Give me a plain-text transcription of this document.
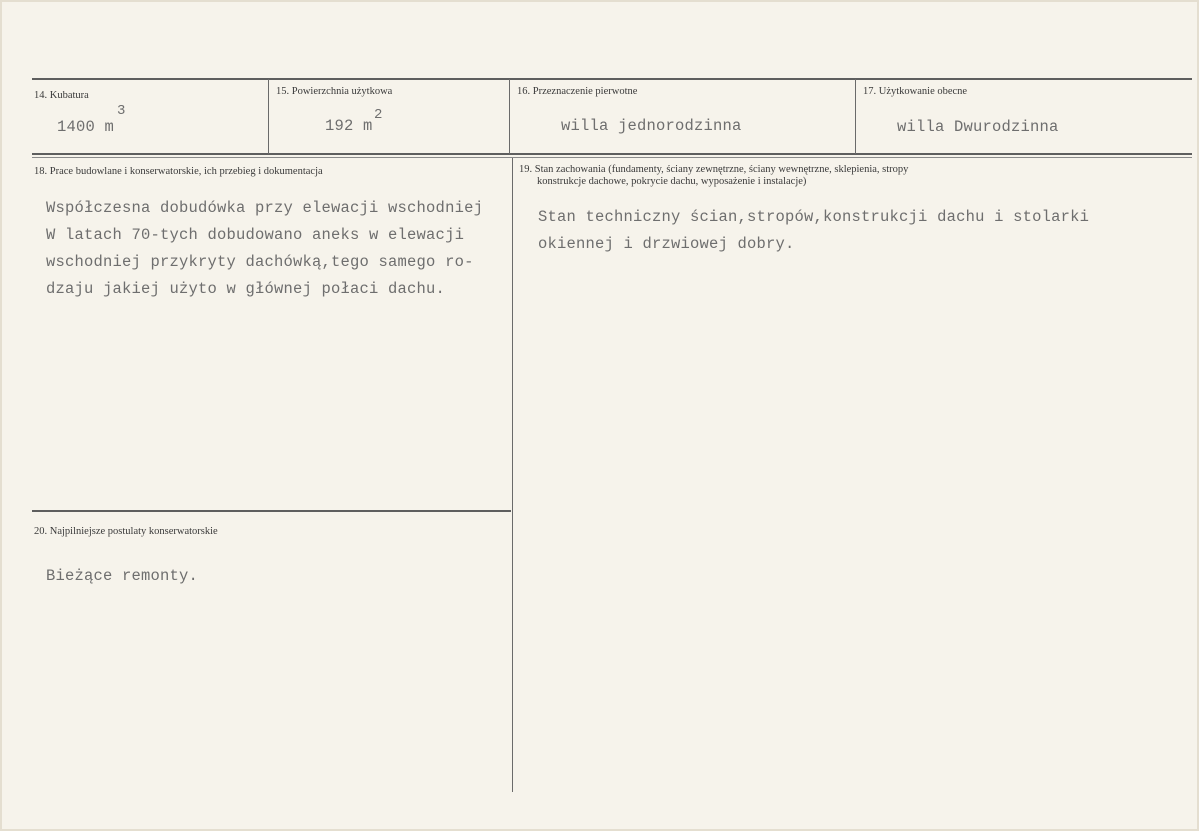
14. Kubatura
1400 m
3
15. Powierzchnia użytkowa
192 m
2
16. Przeznaczenie pierwotne
willa jednorodzinna
17. Użytkowanie obecne
willa Dwurodzinna
18. Prace budowlane i konserwatorskie, ich przebieg i dokumentacja
Współczesna dobudówka przy elewacji wschodniej
W latach 70-tych dobudowano aneks w elewacji
wschodniej przykryty dachówką,tego samego ro-
dzaju jakiej użyto w głównej połaci dachu.
19. Stan zachowania (fundamenty, ściany zewnętrzne, ściany wewnętrzne, sklepienia, stropy
konstrukcje dachowe, pokrycie dachu, wyposażenie i instalacje)
Stan techniczny ścian,stropów,konstrukcji dachu i stolarki
okiennej i drzwiowej dobry.
20. Najpilniejsze postulaty konserwatorskie
Bieżące remonty.
